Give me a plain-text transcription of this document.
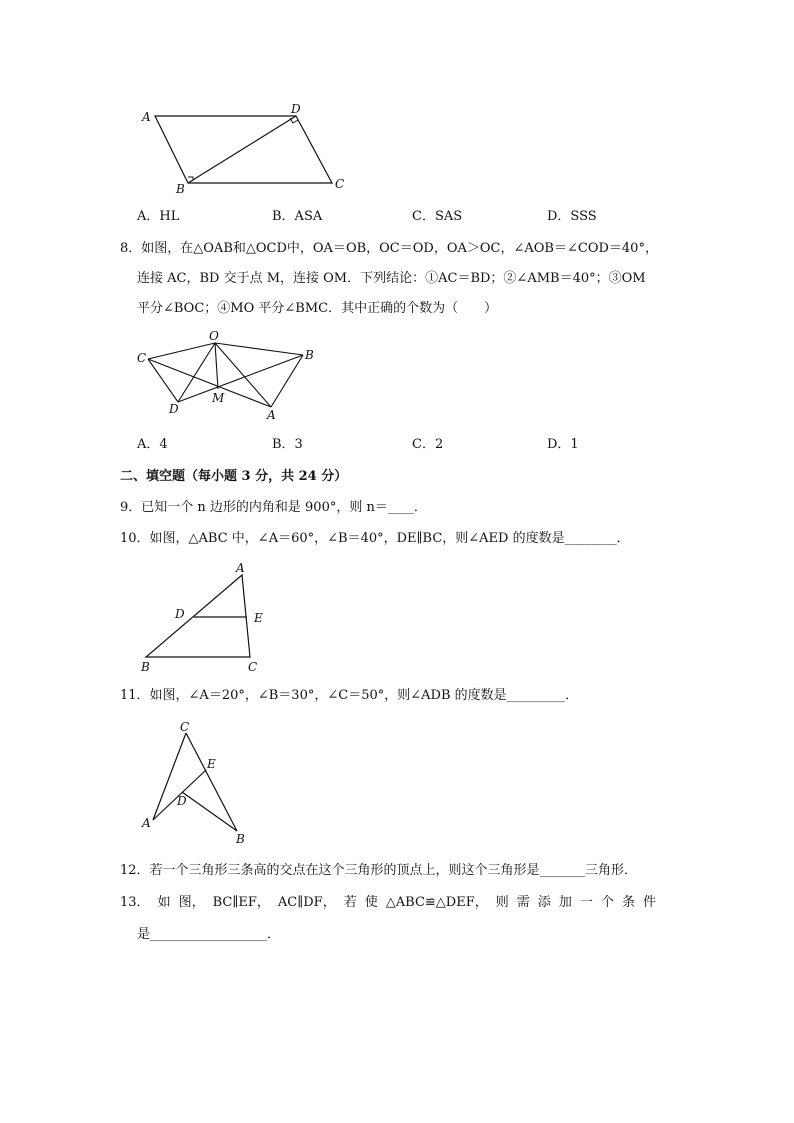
A
D
B	C
A．HL	B．ASA	C．SAS	D．SSS
8．如图，在△OAB和△OCD中，OA＝OB，OC＝OD，OA＞OC，∠AOB＝∠COD＝40°，
连接 AC，BD 交于点 M，连接 OM．下列结论：①AC＝BD；②∠AMB＝40°；③OM
平分∠BOC；④MO 平分∠BMC．其中正确的个数为（　　）
O
C	B
D
M
A
A．4	B．3	C．2	D．1
二、填空题（每小题 3 分，共 24 分）
9．已知一个 n 边形的内角和是 900°，则 n＝____．
10．如图，△ABC 中，∠A＝60°，∠B＝40°，DE∥BC，则∠AED 的度数是________．
A
D	E
B	C
11．如图，∠A＝20°，∠B＝30°，∠C＝50°，则∠ADB 的度数是_________．
C
E
D
A
B
12．若一个三角形三条高的交点在这个三角形的顶点上，则这个三角形是_______三角形．
13． 如 图， BC∥EF， AC∥DF， 若 使 △ABC≌△DEF， 则 需 添 加 一 个 条 件
是__________________．
